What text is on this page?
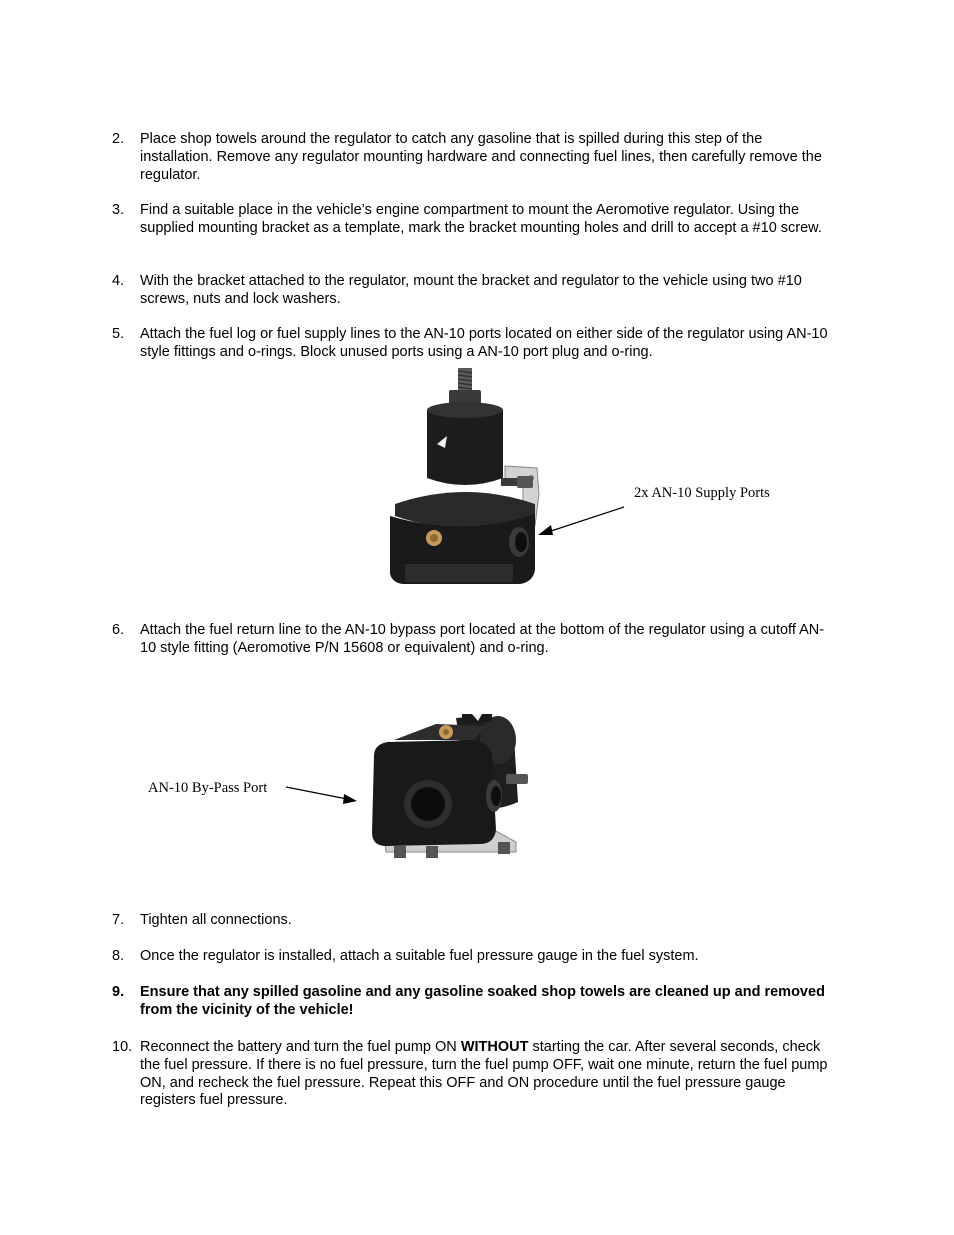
2. Place shop towels around the regulator to catch any gasoline that is spilled during this step of the installation. Remove any regulator mounting hardware and connecting fuel lines, then carefully remove the regulator.
3. Find a suitable place in the vehicle’s engine compartment to mount the Aeromotive regulator. Using the supplied mounting bracket as a template, mark the bracket mounting holes and drill to accept a #10 screw.
4. With the bracket attached to the regulator, mount the bracket and regulator to the vehicle using two #10 screws, nuts and lock washers.
5. Attach the fuel log or fuel supply lines to the AN-10 ports located on either side of the regulator using AN-10 style fittings and o-rings. Block unused ports using a AN-10 port plug and o-ring.
2x AN-10 Supply Ports
6. Attach the fuel return line to the AN-10 bypass port located at the bottom of the regulator using a cutoff AN-10 style fitting (Aeromotive P/N 15608 or equivalent) and o-ring.
AN-10 By-Pass Port
7. Tighten all connections.
8. Once the regulator is installed, attach a suitable fuel pressure gauge in the fuel system.
9. Ensure that any spilled gasoline and any gasoline soaked shop towels are cleaned up and removed from the vicinity of the vehicle!
10. Reconnect the battery and turn the fuel pump ON WITHOUT starting the car. After several seconds, check the fuel pressure. If there is no fuel pressure, turn the fuel pump OFF, wait one minute, return the fuel pump ON, and recheck the fuel pressure. Repeat this OFF and ON procedure until the fuel pressure gauge registers fuel pressure.
